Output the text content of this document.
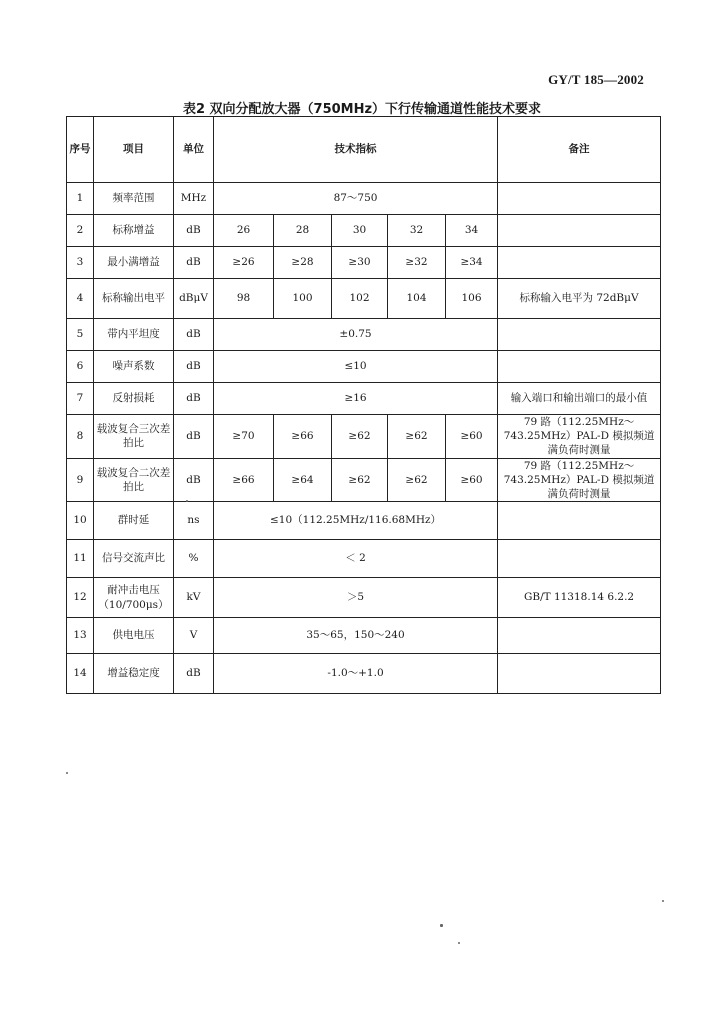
GY/T 185—2002
表2 双向分配放大器（750MHz）下行传输通道性能技术要求
序号	项目	单位	技术指标					备注
1	频率范围	MHz	87～750					
2	标称增益	dB	26	28	30	32	34	
3	最小满增益	dB	≥26	≥28	≥30	≥32	≥34	
4	标称输出电平	dBμV	98	100	102	104	106	标称输入电平为 72dBμV
5	带内平坦度	dB	±0.75					
6	噪声系数	dB	≤10					
7	反射损耗	dB	≥16					输入端口和输出端口的最小值
8	载波复合三次差拍比	dB	≥70	≥66	≥62	≥62	≥60	79 路（112.25MHz～743.25MHz）PAL-D 模拟频道满负荷时测量
9	载波复合二次差拍比	dB	≥66	≥64	≥62	≥62	≥60	79 路（112.25MHz～743.25MHz）PAL-D 模拟频道满负荷时测量
10	群时延	ns	≤10（112.25MHz/116.68MHz）					
11	信号交流声比	%	＜ 2					
12	耐冲击电压（10/700μs）	kV	＞5					GB/T 11318.14 6.2.2
13	供电电压	V	35～65，150～240					
14	增益稳定度	dB	-1.0～+1.0					
